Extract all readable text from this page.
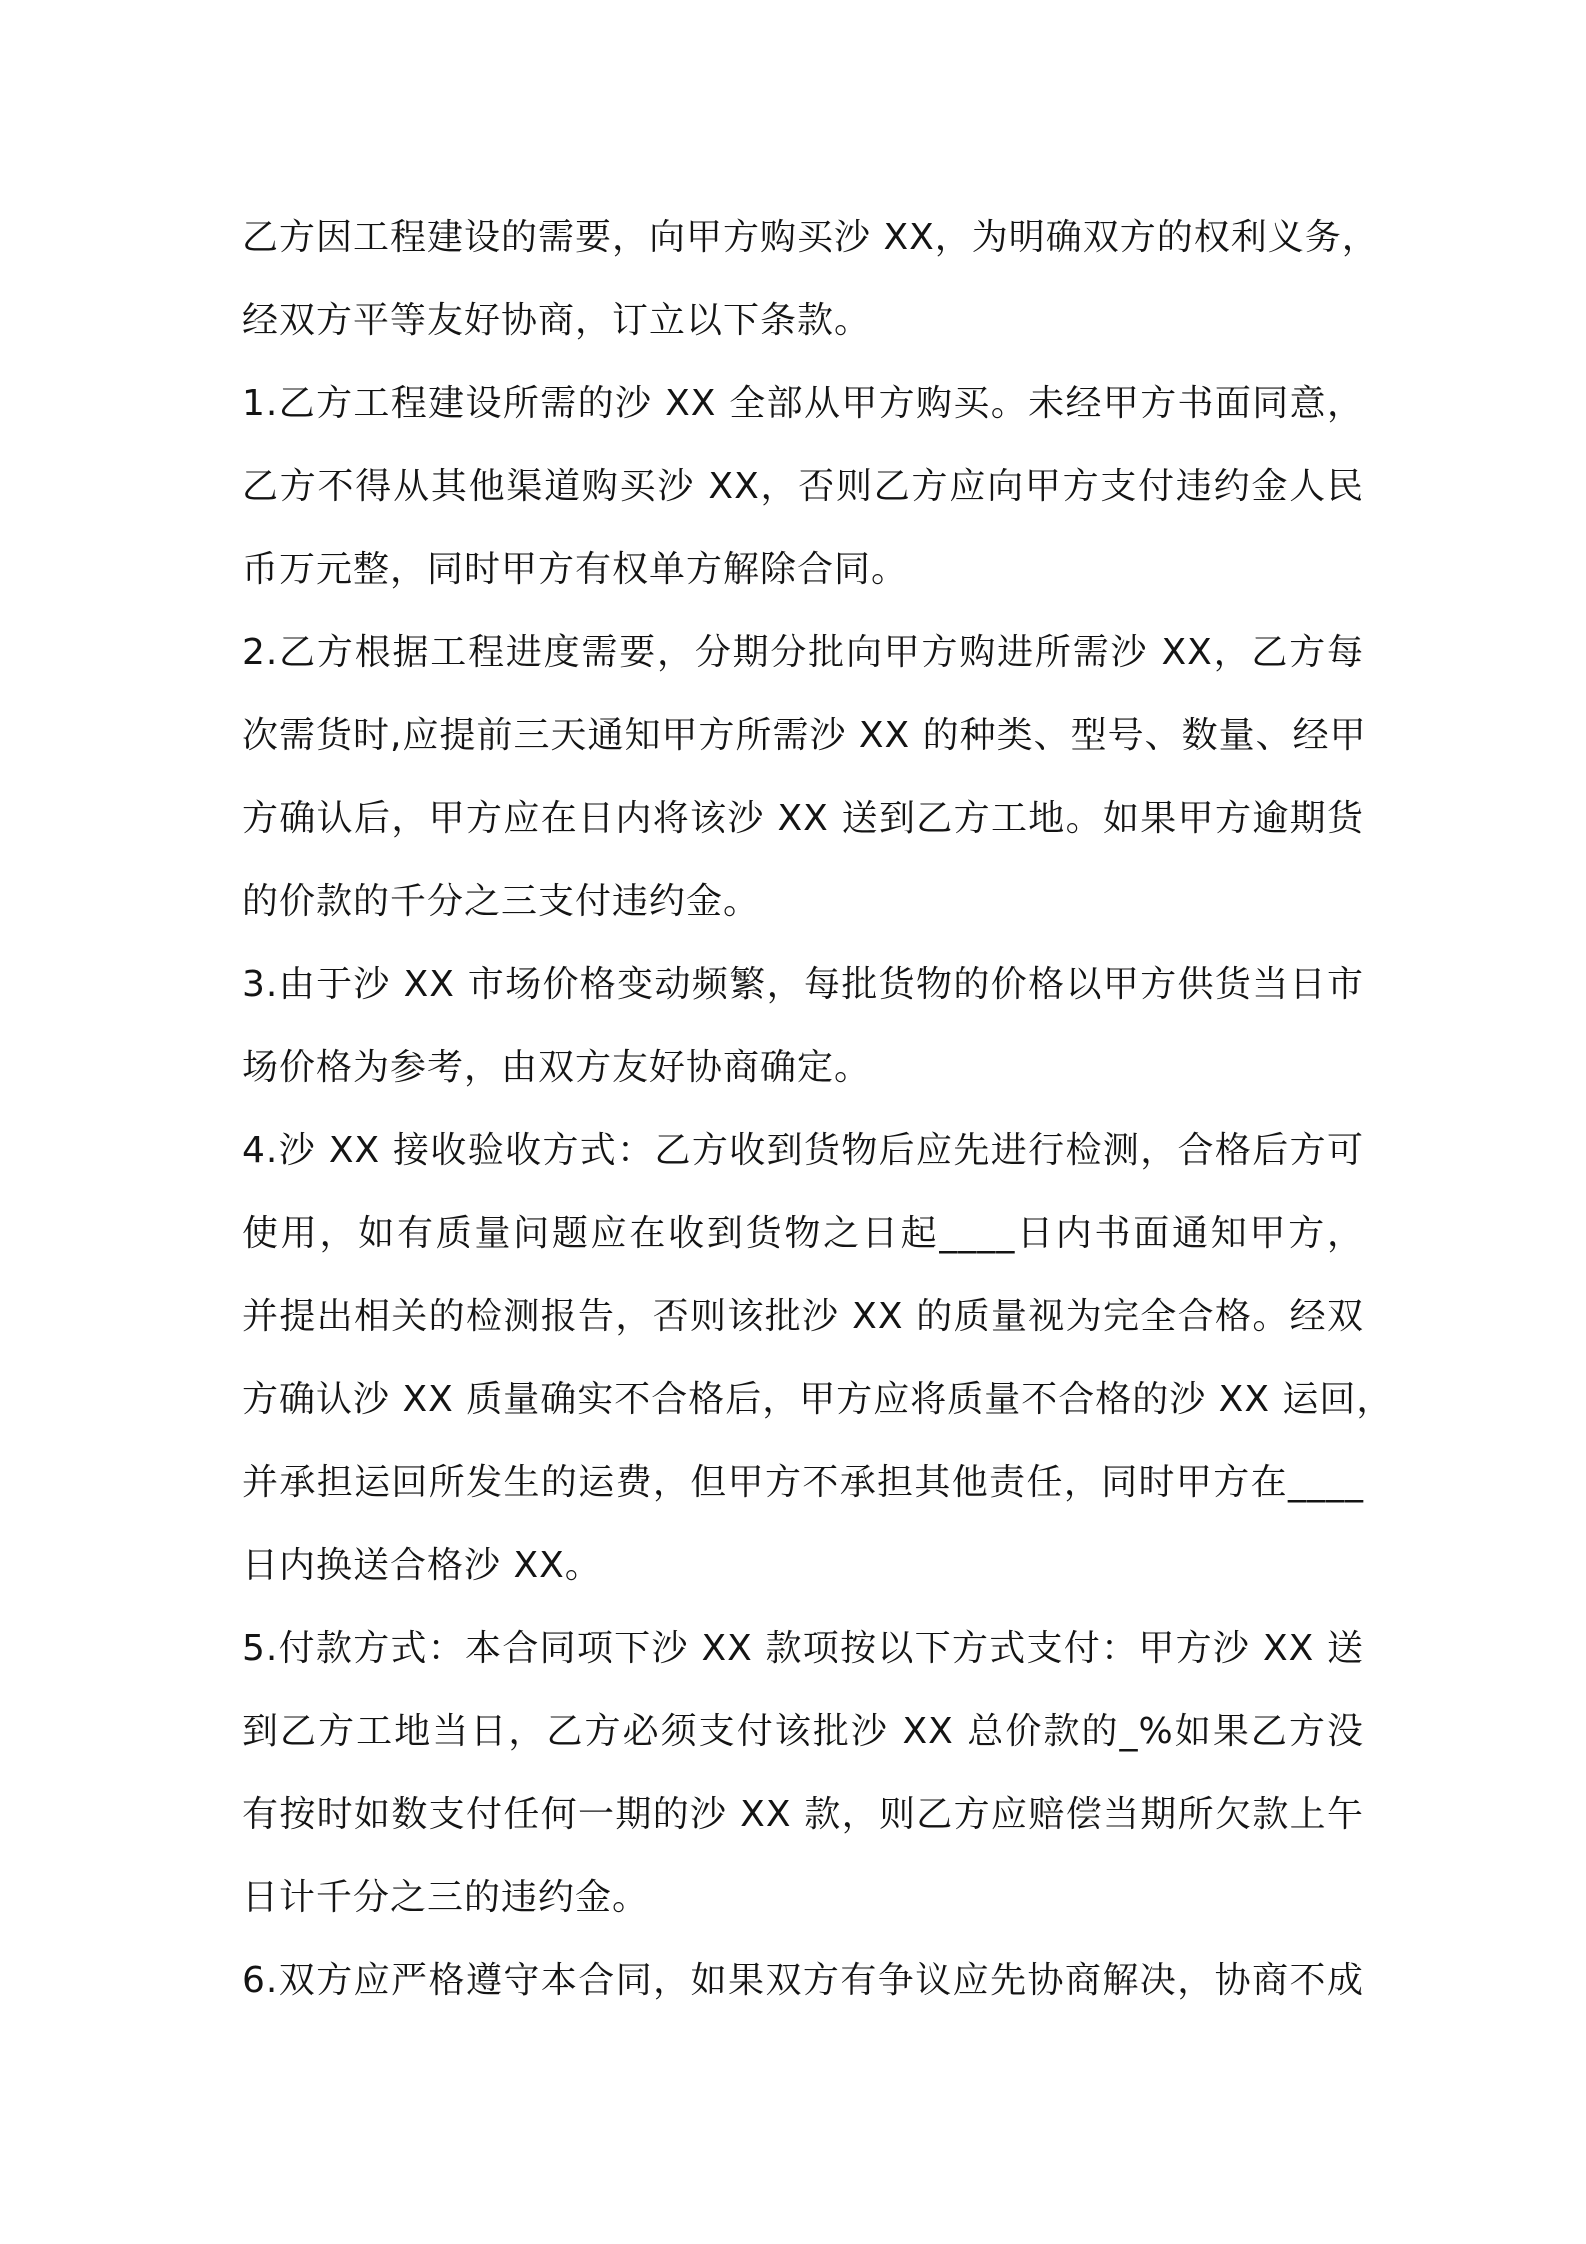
乙方因工程建设的需要，向甲方购买沙 XX，为明确双方的权利义务，
经双方平等友好协商，订立以下条款。

1.乙方工程建设所需的沙 XX 全部从甲方购买。未经甲方书面同意，
乙方不得从其他渠道购买沙 XX，否则乙方应向甲方支付违约金人民
币万元整，同时甲方有权单方解除合同。

2.乙方根据工程进度需要，分期分批向甲方购进所需沙 XX，乙方每
次需货时,应提前三天通知甲方所需沙 XX 的种类、型号、数量、经甲
方确认后，甲方应在日内将该沙 XX 送到乙方工地。如果甲方逾期货
的价款的千分之三支付违约金。

3.由于沙 XX 市场价格变动频繁，每批货物的价格以甲方供货当日市
场价格为参考，由双方友好协商确定。

4.沙 XX 接收验收方式：乙方收到货物后应先进行检测，合格后方可
使用，如有质量问题应在收到货物之日起____日内书面通知甲方，
并提出相关的检测报告，否则该批沙 XX 的质量视为完全合格。经双
方确认沙 XX 质量确实不合格后，甲方应将质量不合格的沙 XX 运回，
并承担运回所发生的运费，但甲方不承担其他责任，同时甲方在____
日内换送合格沙 XX。

5.付款方式：本合同项下沙 XX 款项按以下方式支付：甲方沙 XX 送
到乙方工地当日，乙方必须支付该批沙 XX 总价款的_%如果乙方没
有按时如数支付任何一期的沙 XX 款，则乙方应赔偿当期所欠款上午
日计千分之三的违约金。

6.双方应严格遵守本合同，如果双方有争议应先协商解决，协商不成
